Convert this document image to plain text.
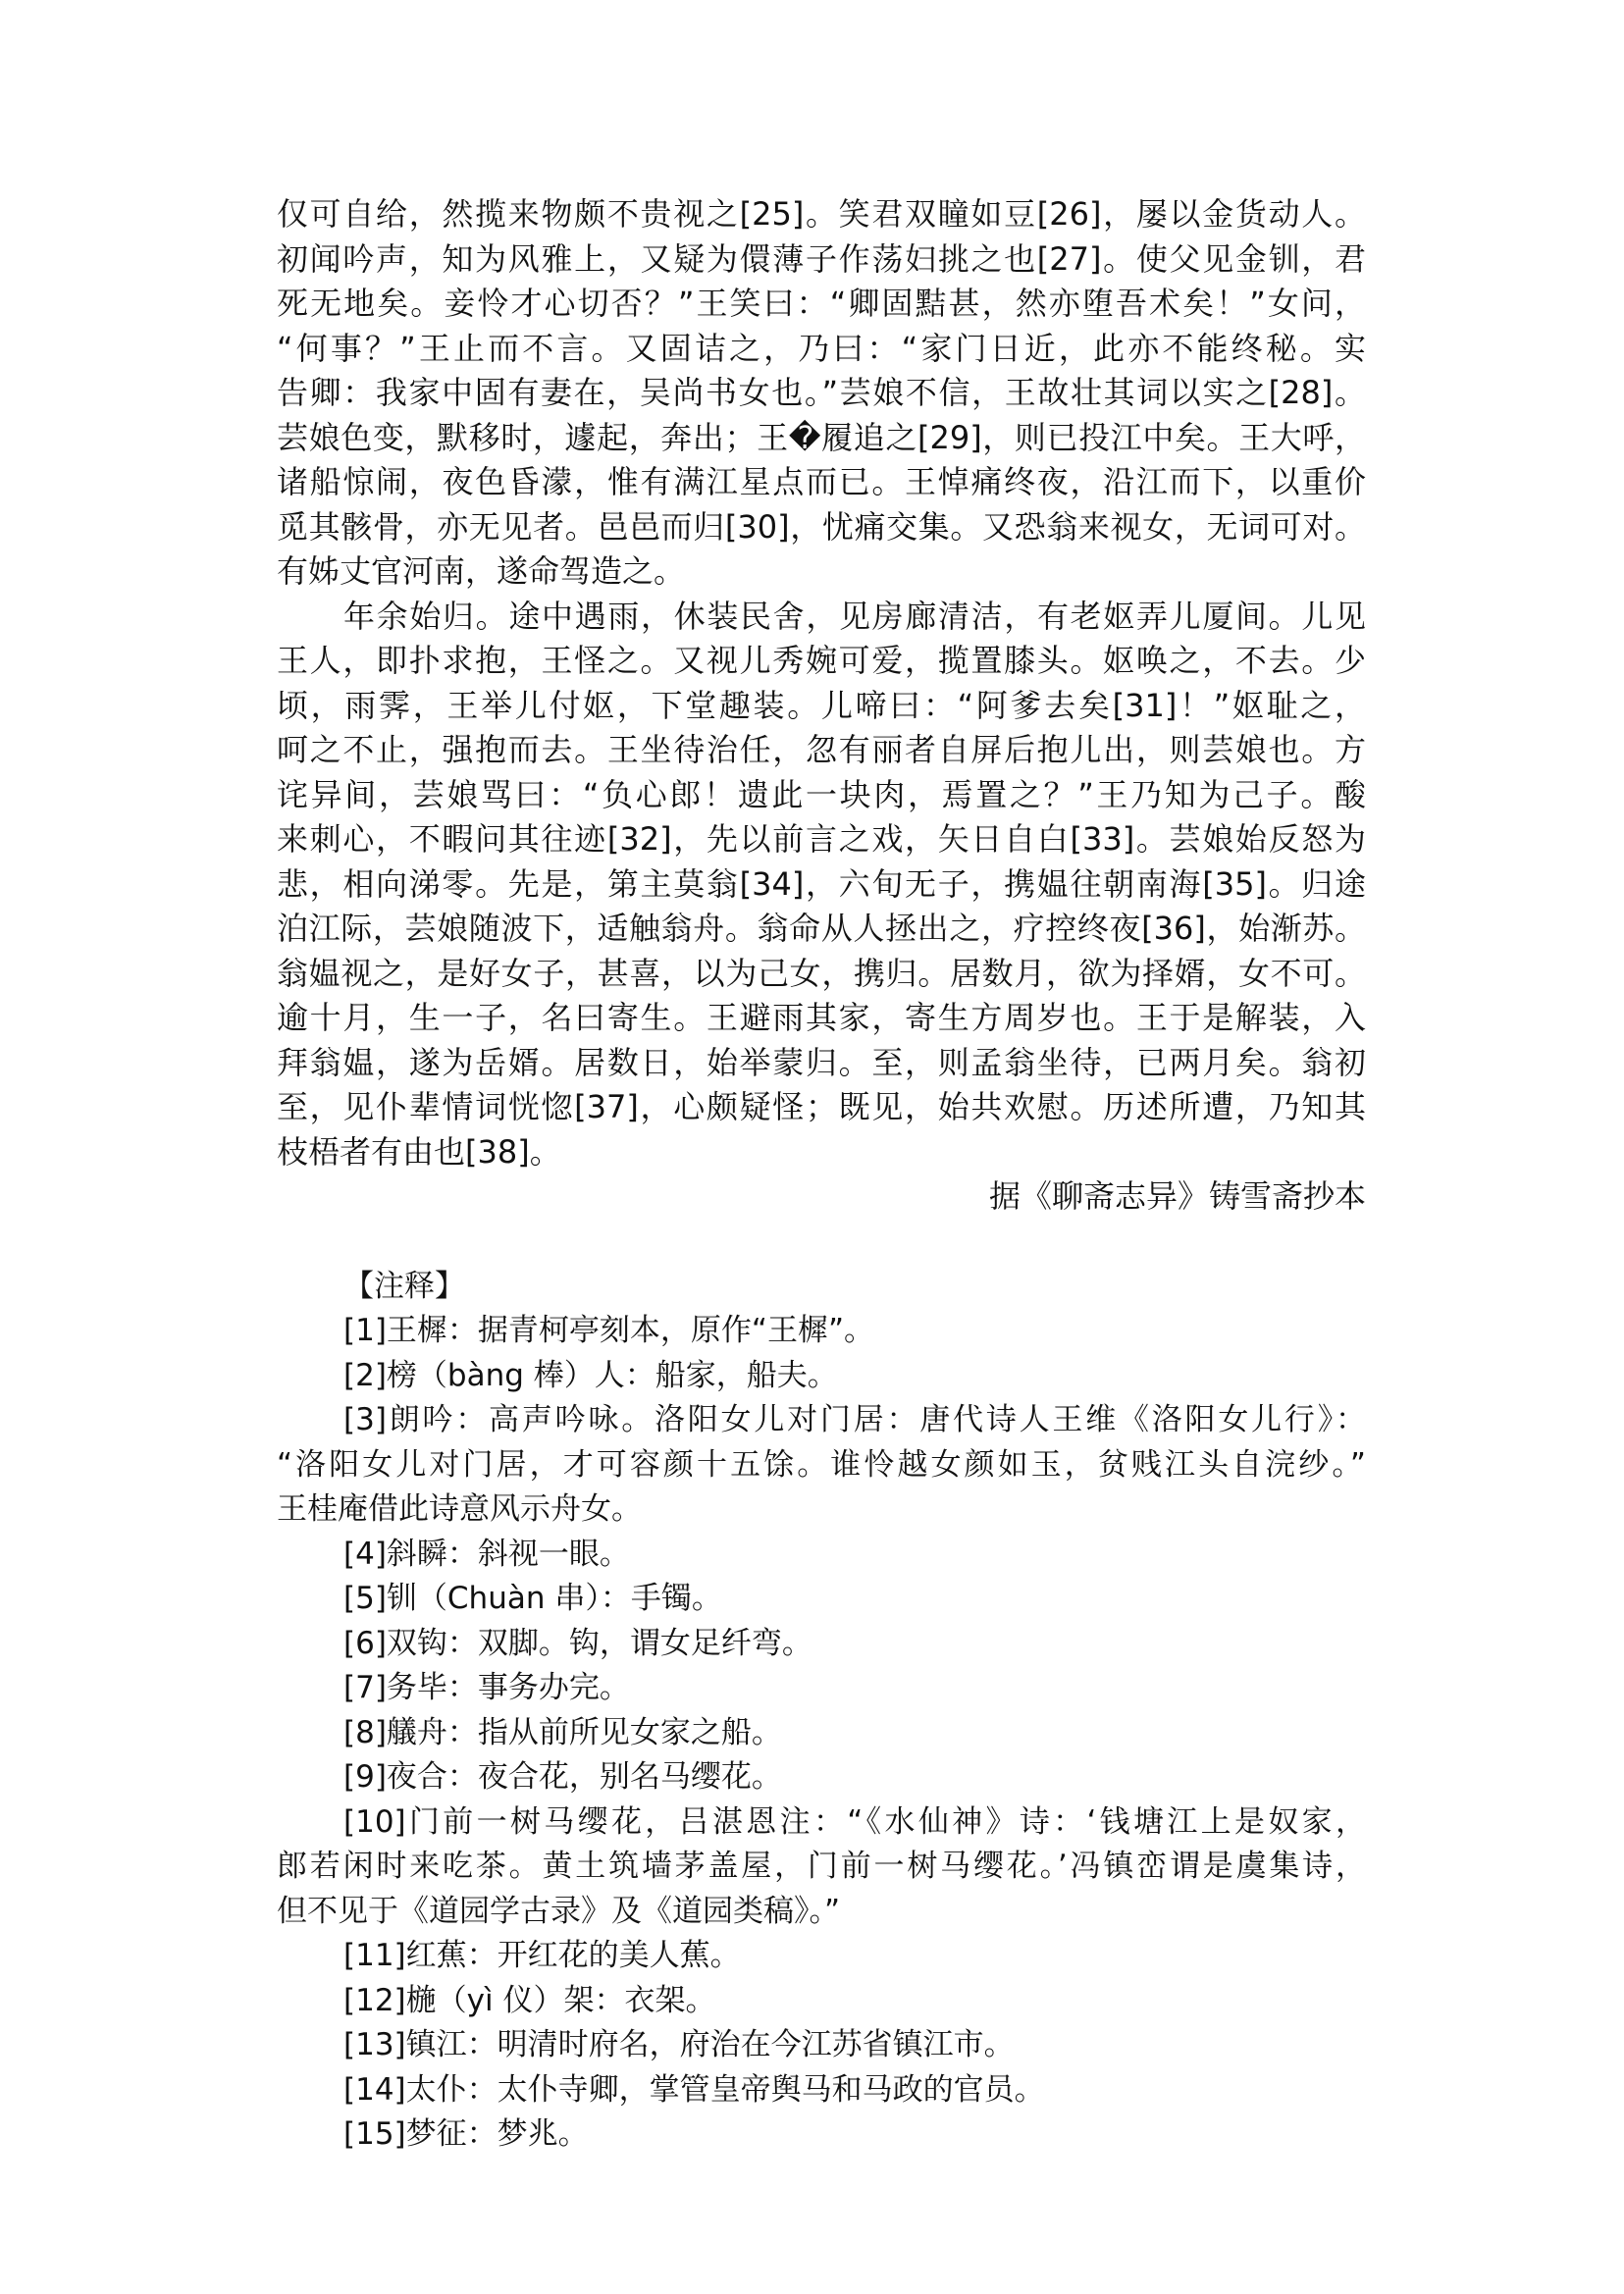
仅可自给，然揽来物颇不贵视之[25]。笑君双瞳如豆[26]，屡以金货动人。
初闻吟声，知为风雅上，又疑为儇薄子作荡妇挑之也[27]。使父见金钏，君
死无地矣。妾怜才心切否？”王笑曰：“卿固黠甚，然亦堕吾术矣！”女问，
“何事？”王止而不言。又固诘之，乃曰：“家门日近，此亦不能终秘。实
告卿：我家中固有妻在，吴尚书女也。”芸娘不信，王故壮其词以实之[28]。
芸娘色变，默移时，遽起，奔出；王�履追之[29]，则已投江中矣。王大呼，
诸船惊闹，夜色昏濛，惟有满江星点而已。王悼痛终夜，沿江而下，以重价
觅其骸骨，亦无见者。邑邑而归[30]，忧痛交集。又恐翁来视女，无词可对。
有姊丈官河南，遂命驾造之。
年余始归。途中遇雨，休装民舍，见房廊清洁，有老妪弄儿厦间。儿见
王人，即扑求抱，王怪之。又视儿秀婉可爱，揽置膝头。妪唤之，不去。少
顷，雨霁，王举儿付妪，下堂趣装。儿啼曰：“阿爹去矣[31]！”妪耻之，
呵之不止，强抱而去。王坐待治任，忽有丽者自屏后抱儿出，则芸娘也。方
诧异间，芸娘骂曰：“负心郎！遗此一块肉，焉置之？”王乃知为己子。酸
来刺心，不暇问其往迹[32]，先以前言之戏，矢日自白[33]。芸娘始反怒为
悲，相向涕零。先是，第主莫翁[34]，六旬无子，携媪往朝南海[35]。归途
泊江际，芸娘随波下，适触翁舟。翁命从人拯出之，疗控终夜[36]，始渐苏。
翁媪视之，是好女子，甚喜，以为己女，携归。居数月，欲为择婿，女不可。
逾十月，生一子，名曰寄生。王避雨其家，寄生方周岁也。王于是解装，入
拜翁媪，遂为岳婿。居数日，始举蒙归。至，则孟翁坐待，已两月矣。翁初
至，见仆辈情词恍惚[37]，心颇疑怪；既见，始共欢慰。历述所遭，乃知其
枝梧者有由也[38]。
据《聊斋志异》铸雪斋抄本
【注释】
[1]王樨：据青柯亭刻本，原作“王樨”。
[2]榜（bàng 棒）人：船家，船夫。
[3]朗吟：高声吟咏。洛阳女儿对门居：唐代诗人王维《洛阳女儿行》：
“洛阳女儿对门居，才可容颜十五馀。谁怜越女颜如玉，贫贱江头自浣纱。”
王桂庵借此诗意风示舟女。
[4]斜瞬：斜视一眼。
[5]钏（Chuàn 串）：手镯。
[6]双钩：双脚。钩，谓女足纤弯。
[7]务毕：事务办完。
[8]艤舟：指从前所见女家之船。
[9]夜合：夜合花，别名马缨花。
[10]门前一树马缨花，吕湛恩注：“《水仙神》诗：‘钱塘江上是奴家，
郎若闲时来吃茶。黄土筑墙茅盖屋，门前一树马缨花。’冯镇峦谓是虞集诗，
但不见于《道园学古录》及《道园类稿》。”
[11]红蕉：开红花的美人蕉。
[12]椸（yì 仪）架：衣架。
[13]镇江：明清时府名，府治在今江苏省镇江市。
[14]太仆：太仆寺卿，掌管皇帝舆马和马政的官员。
[15]梦征：梦兆。
